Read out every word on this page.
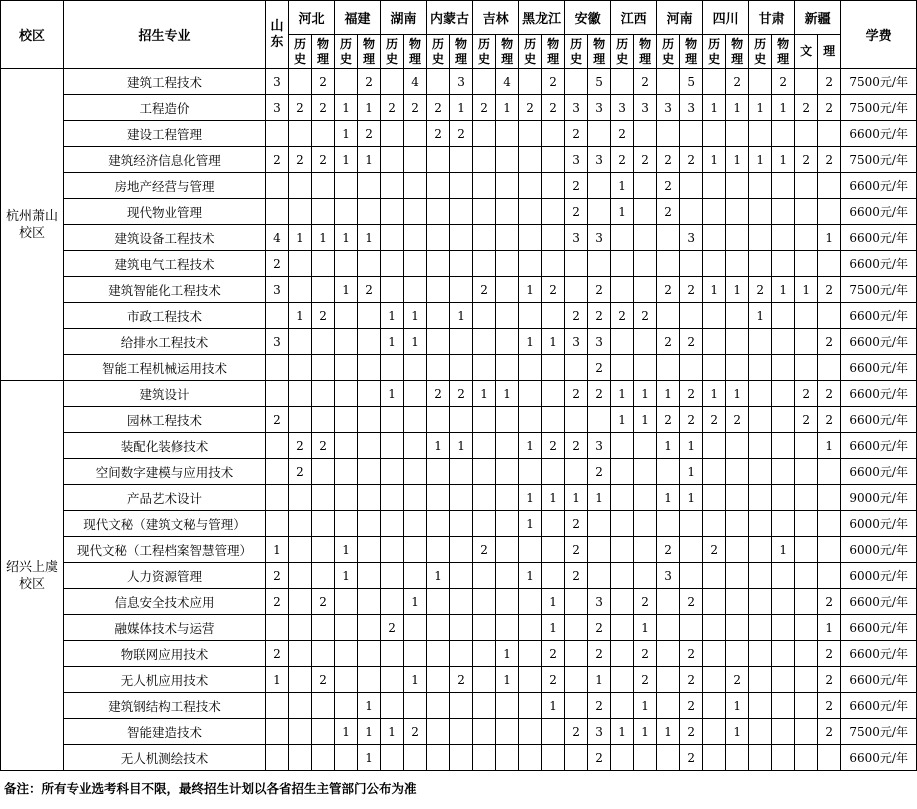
校区	招生专业	山东	河北		福建		湖南		内蒙古		吉林		黑龙江		安徽		江西		河南		四川		甘肃		新疆		学费
			历史	物理	历史	物理	历史	物理	历史	物理	历史	物理	历史	物理	历史	物理	历史	物理	历史	物理	历史	物理	历史	物理	文	理	
杭州萧山校区	建筑工程技术	3		2		2		4		3		4		2		5		2		5		2		2		2	7500元/年
	工程造价	3	2	2	1	1	2	2	2	1	2	1	2	2	3	3	3	3	3	3	1	1	1	1	2	2	7500元/年
	建设工程管理				1	2			2	2					2		2										6600元/年
	建筑经济信息化管理	2	2	2	1	1									3	3	2	2	2	2	1	1	1	1	2	2	7500元/年
	房地产经营与管理														2		1		2								6600元/年
	现代物业管理														2		1		2								6600元/年
	建筑设备工程技术	4	1	1	1	1									3	3				3						1	6600元/年
	建筑电气工程技术	2																									6600元/年
	建筑智能化工程技术	3			1	2					2		1	2		2			2	2	1	1	2	1	1	2	7500元/年
	市政工程技术		1	2			1	1		1					2	2	2	2					1				6600元/年
	给排水工程技术	3					1	1					1	1	3	3			2	2						2	6600元/年
	智能工程机械运用技术															2											6600元/年
绍兴上虞校区	建筑设计						1		2	2	1	1			2	2	1	1	1	2	1	1			2	2	6600元/年
	园林工程技术	2															1	1	2	2	2	2			2	2	6600元/年
	装配化装修技术		2	2					1	1			1	2	2	3			1	1						1	6600元/年
	空间数字建模与应用技术		2													2				1							6600元/年
	产品艺术设计												1	1	1	1			1	1							9000元/年
	现代文秘（建筑文秘与管理）												1		2												6000元/年
	现代文秘（工程档案智慧管理）	1			1						2				2				2		2			1			6000元/年
	人力资源管理	2			1				1				1		2				3								6000元/年
	信息安全技术应用	2		2				1						1		3		2		2						2	6600元/年
	融媒体技术与运营						2							1		2		1								1	6600元/年
	物联网应用技术	2										1		2		2		2		2						2	6600元/年
	无人机应用技术	1		2				1		2		1		2		1		2		2		2				2	6600元/年
	建筑钢结构工程技术					1								1		2		1		2		1				2	6600元/年
	智能建造技术				1	1	1	2							2	3	1	1	1	2		1				2	7500元/年
	无人机测绘技术					1										2				2							6600元/年
备注：所有专业选考科目不限，最终招生计划以各省招生主管部门公布为准
